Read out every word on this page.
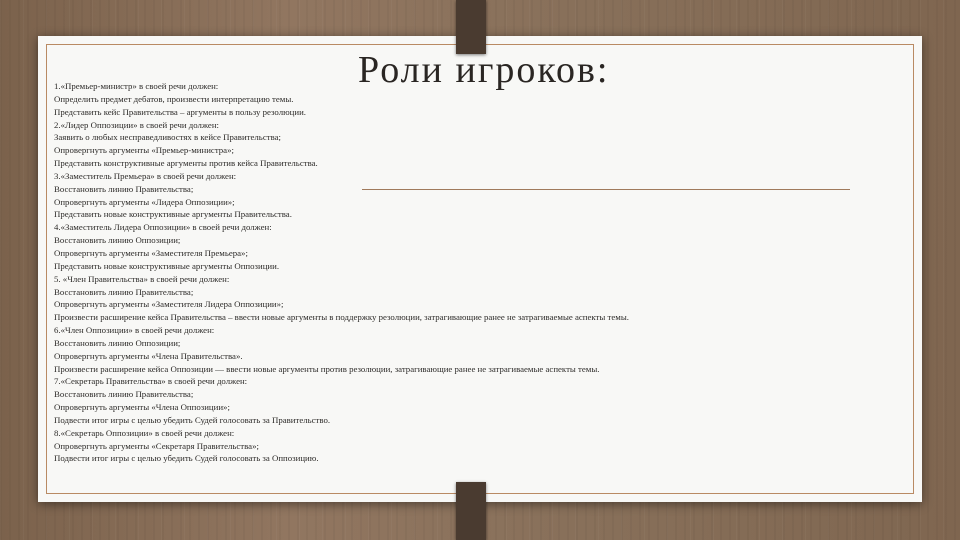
Роли игроков:
1.«Премьер-министр» в своей речи должен:
Определить предмет дебатов, произвести интерпретацию темы.
Представить кейс Правительства – аргументы в пользу резолюции.
2.«Лидер Оппозиции» в своей речи должен:
Заявить о любых несправедливостях в кейсе Правительства;
Опровергнуть аргументы «Премьер-министра»;
Представить конструктивные аргументы против кейса Правительства.
3.«Заместитель Премьера» в своей речи должен:
Восстановить линию Правительства;
Опровергнуть аргументы «Лидера Оппозиции»;
Представить новые конструктивные аргументы Правительства.
4.«Заместитель Лидера Оппозиции» в своей речи должен:
Восстановить линию Оппозиции;
Опровергнуть аргументы «Заместителя Премьера»;
Представить новые конструктивные аргументы Оппозиции.
5. «Член Правительства» в своей речи должен:
Восстановить линию Правительства;
Опровергнуть аргументы «Заместителя Лидера Оппозиции»;
Произвести расширение кейса Правительства – ввести новые аргументы в поддержку резолюции, затрагивающие ранее не затрагиваемые аспекты темы.
6.«Член Оппозиции» в своей речи должен:
Восстановить линию Оппозиции;
Опровергнуть аргументы «Члена Правительства».
Произвести расширение кейса Оппозиции — ввести новые аргументы против резолюции, затрагивающие ранее не затрагиваемые аспекты темы.
7.«Секретарь Правительства» в своей речи должен:
Восстановить линию Правительства;
Опровергнуть аргументы «Члена Оппозиции»;
Подвести итог игры с целью убедить Судей голосовать за Правительство.
8.«Секретарь Оппозиции» в своей речи должен:
Опровергнуть аргументы «Секретаря Правительства»;
Подвести итог игры с целью убедить Судей голосовать за Оппозицию.
